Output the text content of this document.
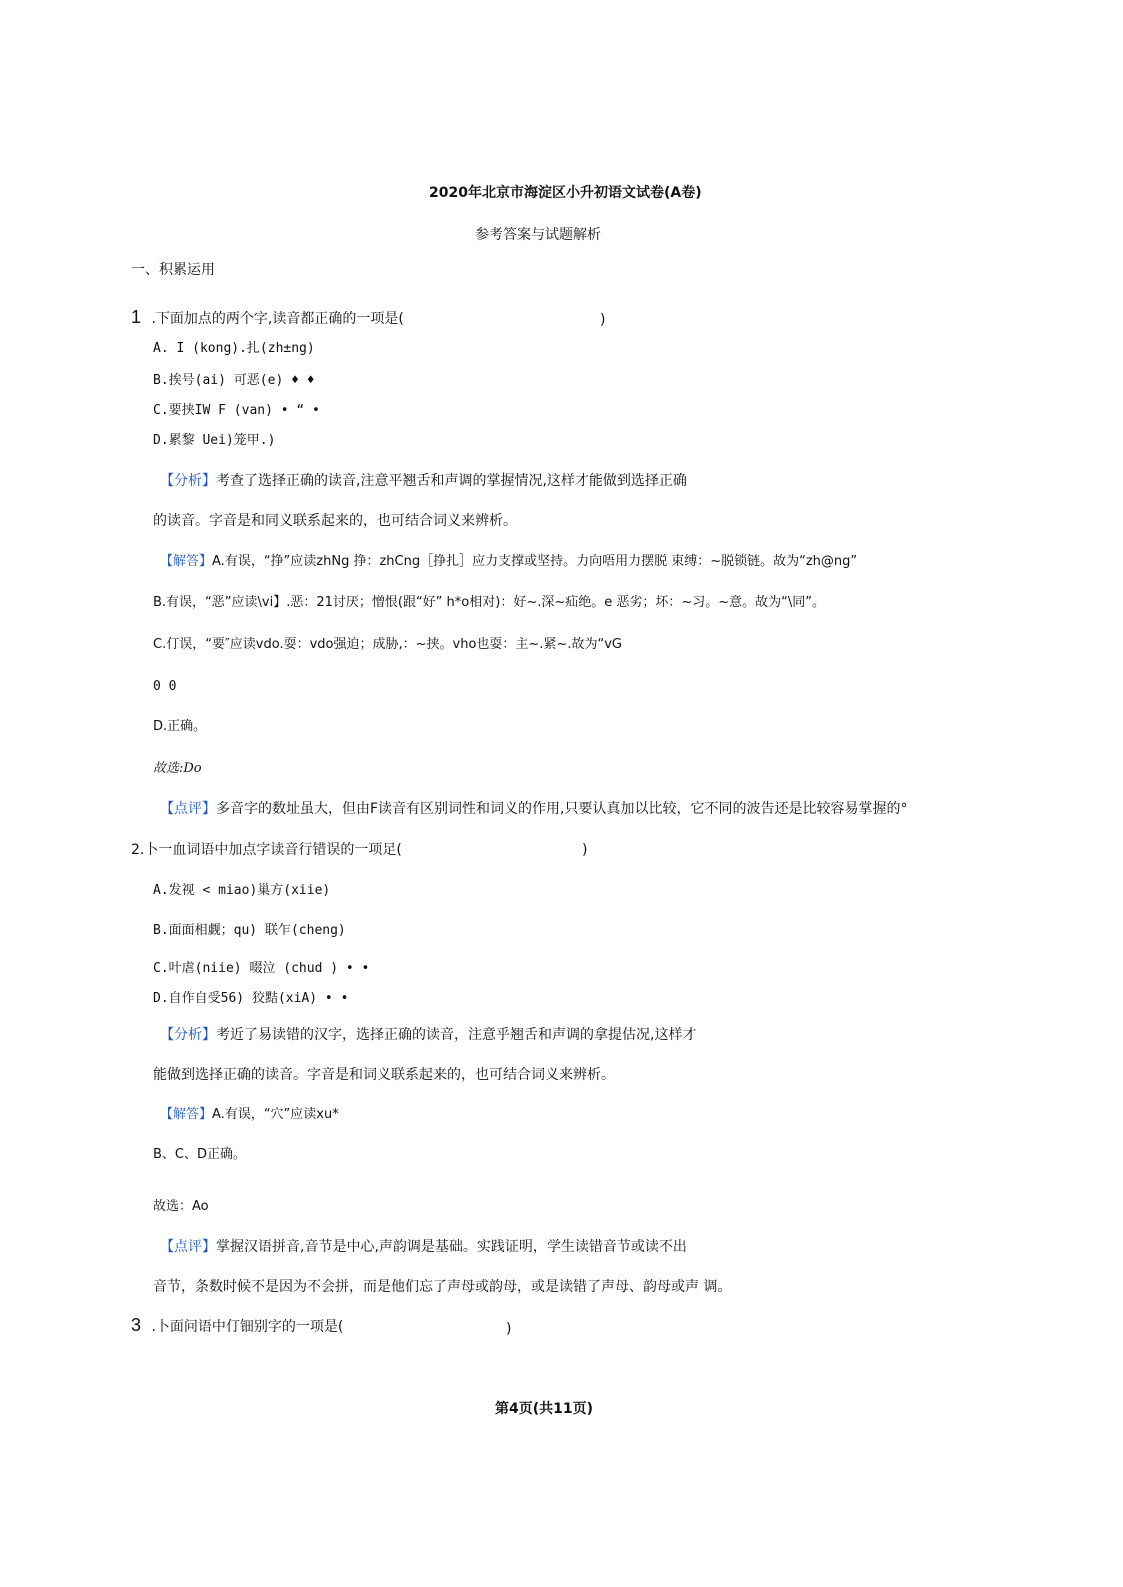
2020年北京市海淀区小升初语文试卷(A卷)
参考答案与试题解析
一、积累运用
1 .下面加点的两个字,读音都正确的一项是(	)
A. I (kong).扎(zh±ng)
B.挨号(ai) 可恶(e) ♦ ♦
C.要挟IW F (van) • “ •
D.累黎 Uei)笼甲.)
【分析】考查了选择正确的读音,注意平翘舌和声调的掌握情况,这样才能做到选择正确
的读音。字音是和同义联系起来的，也可结合词义来辨析。
【解答】A.有误，“挣”应读zhNg 挣：zhCng［挣扎］应力支撑或坚持。力向唔用力摆脱 束缚：~脱锁链。故为“zh@ng”
B.有误，“恶”应读\vi】.恶：21讨厌；憎恨(跟“好” h*o相对)：好~.深~疝绝。e 恶劣；坏：~习。~意。故为“\同”。
C.仃误，“要″应读vdo.耍：vdo强迫；成胁,：~挟。vho也耍：主~.紧~.故为“vG
0 0
D.正确。
故选:Do
【点评】多音字的数址虽大，但由F读音有区别词性和词义的作用,只要认真加以比较，它不同的波告还是比较容易掌握的°
2.卜一血词语中加点字读音行错误的一项足(	)
A.发视 < miao)巢方(xiie)
B.面面相觑；qu) 联乍(cheng)
C.叶虐(niie) 啜泣 (chud ) • •
D.自作自受56) 狡黠(xiA) • •
【分析】考近了易读错的汉字，选择正确的读音，注意乎翘舌和声调的拿提估况,这样才
能做到选择正确的读音。字音是和词义联系起来的，也可结合词义来辨析。
【解答】A.有误，“穴”应读xu*
B、C、D正确。
故选：Ao
【点评】掌握汉语拼音,音节是中心,声韵调是基础。实践证明，学生读错音节或读不出
音节，条数时候不是因为不会拼，而是他们忘了声母或韵母，或是读错了声母、韵母或声 调。
3 .卜面问语中仃钿别字的一项是(	)
第4页(共11页)
